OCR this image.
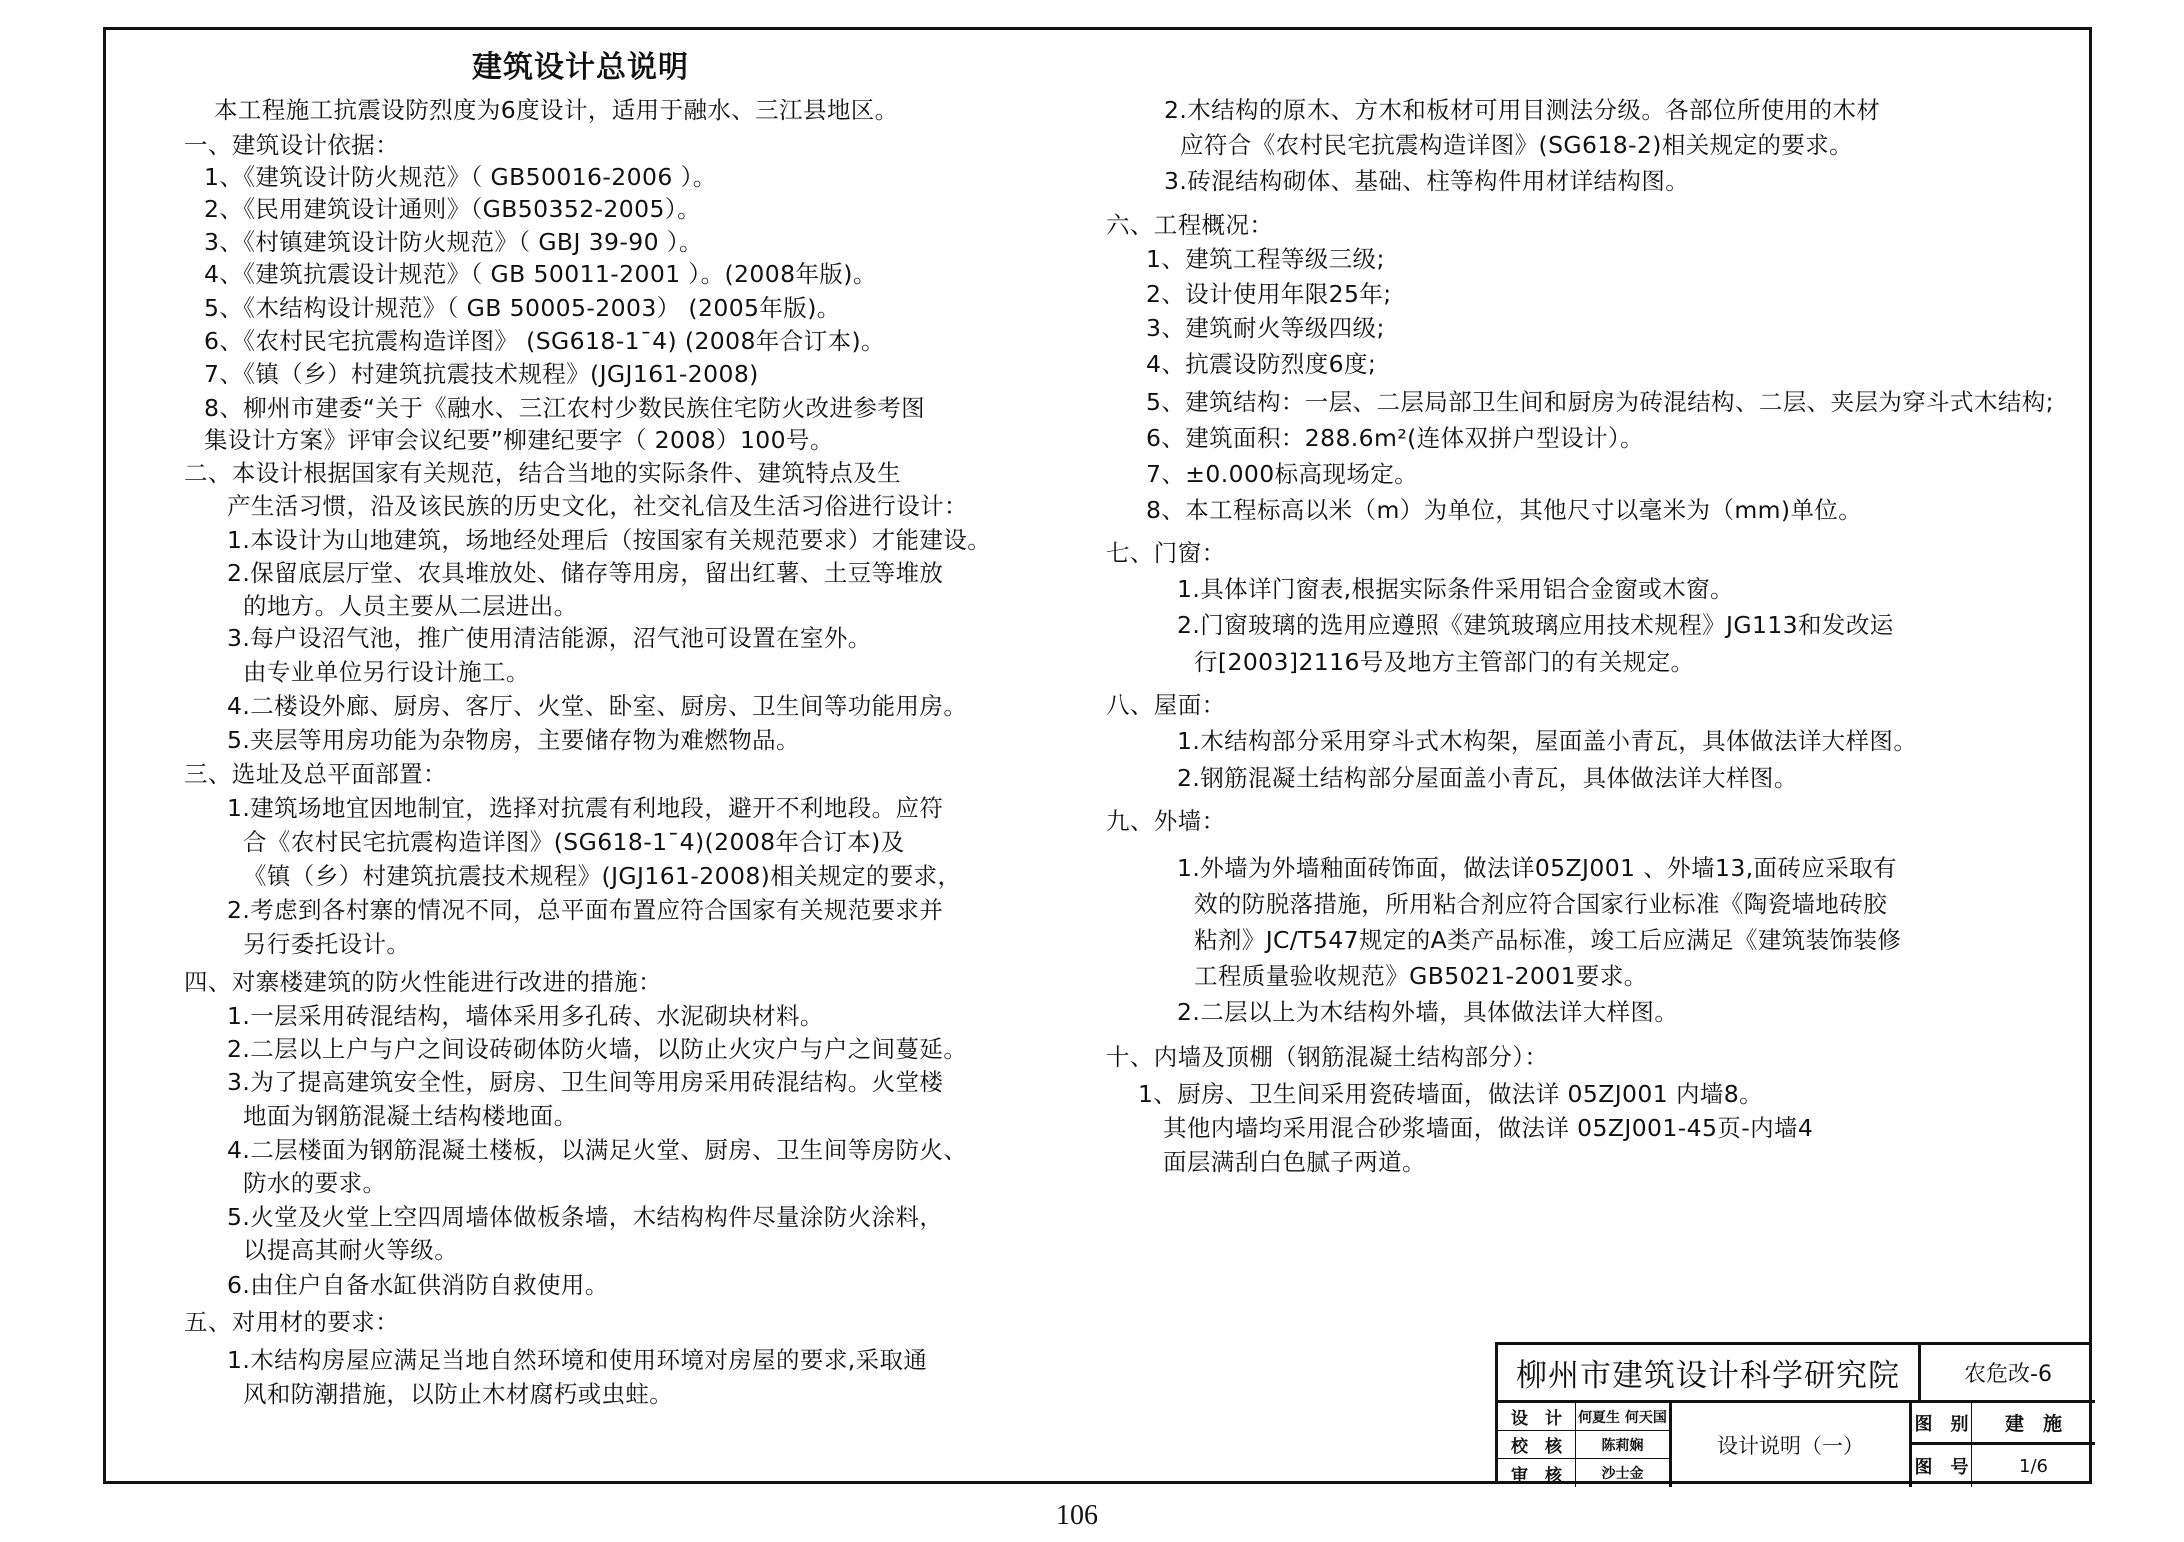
建筑设计总说明
本工程施工抗震设防烈度为6度设计，适用于融水、三江县地区。
一、建筑设计依据：
1、《建筑设计防火规范》（ GB50016-2006 ）。
2、《民用建筑设计通则》（GB50352-2005）。
3、《村镇建筑设计防火规范》（ GBJ 39-90 ）。
4、《建筑抗震设计规范》（ GB 50011-2001 ）。(2008年版)。
5、《木结构设计规范》（ GB 50005-2003） (2005年版)。
6、《农村民宅抗震构造详图》 (SG618-1¯4) (2008年合订本)。
7、《镇（乡）村建筑抗震技术规程》(JGJ161-2008)
8、柳州市建委“关于《融水、三江农村少数民族住宅防火改进参考图
集设计方案》评审会议纪要”柳建纪要字（ 2008）100号。
二、本设计根据国家有关规范，结合当地的实际条件、建筑特点及生
产生活习惯，沿及该民族的历史文化，社交礼信及生活习俗进行设计：
1.本设计为山地建筑，场地经处理后（按国家有关规范要求）才能建设。
2.保留底层厅堂、农具堆放处、储存等用房，留出红薯、土豆等堆放
的地方。人员主要从二层进出。
3.每户设沼气池，推广使用清洁能源，沼气池可设置在室外。
由专业单位另行设计施工。
4.二楼设外廊、厨房、客厅、火堂、卧室、厨房、卫生间等功能用房。
5.夹层等用房功能为杂物房，主要储存物为难燃物品。
三、选址及总平面部置：
1.建筑场地宜因地制宜，选择对抗震有利地段，避开不利地段。应符
合《农村民宅抗震构造详图》(SG618-1¯4)(2008年合订本)及
《镇（乡）村建筑抗震技术规程》(JGJ161-2008)相关规定的要求，
2.考虑到各村寨的情况不同，总平面布置应符合国家有关规范要求并
另行委托设计。
四、对寨楼建筑的防火性能进行改进的措施：
1.一层采用砖混结构，墙体采用多孔砖、水泥砌块材料。
2.二层以上户与户之间设砖砌体防火墙，以防止火灾户与户之间蔓延。
3.为了提高建筑安全性，厨房、卫生间等用房采用砖混结构。火堂楼
地面为钢筋混凝土结构楼地面。
4.二层楼面为钢筋混凝土楼板，以满足火堂、厨房、卫生间等房防火、
防水的要求。
5.火堂及火堂上空四周墙体做板条墙，木结构构件尽量涂防火涂料，
以提高其耐火等级。
6.由住户自备水缸供消防自救使用。
五、对用材的要求：
1.木结构房屋应满足当地自然环境和使用环境对房屋的要求,采取通
风和防潮措施，以防止木材腐朽或虫蛀。
2.木结构的原木、方木和板材可用目测法分级。各部位所使用的木材
应符合《农村民宅抗震构造详图》(SG618-2)相关规定的要求。
3.砖混结构砌体、基础、柱等构件用材详结构图。
六、工程概况：
1、建筑工程等级三级;
2、设计使用年限25年;
3、建筑耐火等级四级;
4、抗震设防烈度6度;
5、建筑结构：一层、二层局部卫生间和厨房为砖混结构、二层、夹层为穿斗式木结构;
6、建筑面积：288.6m²(连体双拼户型设计）。
7、±0.000标高现场定。
8、本工程标高以米（m）为单位，其他尺寸以毫米为（mm)单位。
七、门窗：
1.具体详门窗表,根据实际条件采用铝合金窗或木窗。
2.门窗玻璃的选用应遵照《建筑玻璃应用技术规程》JG113和发改运
行[2003]2116号及地方主管部门的有关规定。
八、屋面：
1.木结构部分采用穿斗式木构架，屋面盖小青瓦，具体做法详大样图。
2.钢筋混凝土结构部分屋面盖小青瓦，具体做法详大样图。
九、外墙：
1.外墙为外墙釉面砖饰面，做法详05ZJ001 、外墙13,面砖应采取有
效的防脱落措施，所用粘合剂应符合国家行业标准《陶瓷墙地砖胶
粘剂》JC/T547规定的A类产品标准，竣工后应满足《建筑装饰装修
工程质量验收规范》GB5021-2001要求。
2.二层以上为木结构外墙，具体做法详大样图。
十、内墙及顶棚（钢筋混凝土结构部分）：
1、厨房、卫生间采用瓷砖墙面，做法详 05ZJ001 内墙8。
其他内墙均采用混合砂浆墙面，做法详 05ZJ001-45页-内墙4
面层满刮白色腻子两道。
柳州市建筑设计科学研究院	农危改-6
设　计	何夏生 何天国
校　核	陈莉娴
审　核	沙士金
设计说明（一）
图　别	建　施
图　号	1/6
106
